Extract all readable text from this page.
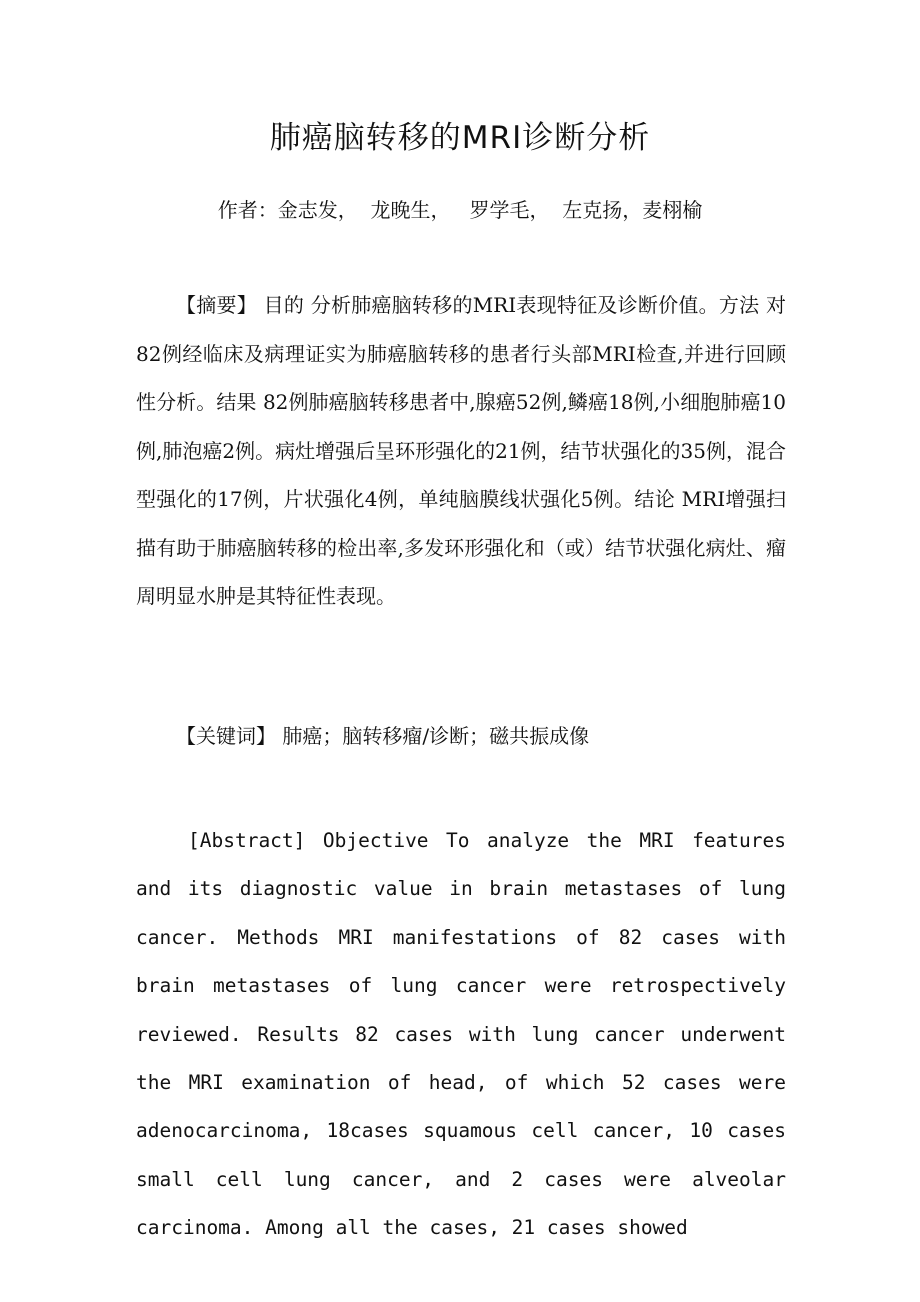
肺癌脑转移的MRI诊断分析
作者：金志发，  龙晚生，   罗学毛，  左克扬，麦栩榆
【摘要】 目的 分析肺癌脑转移的MRI表现特征及诊断价值。方法 对82例经临床及病理证实为肺癌脑转移的患者行头部MRI检查,并进行回顾性分析。结果 82例肺癌脑转移患者中,腺癌52例,鳞癌18例,小细胞肺癌10例,肺泡癌2例。病灶增强后呈环形强化的21例，结节状强化的35例，混合型强化的17例，片状强化4例，单纯脑膜线状强化5例。结论 MRI增强扫描有助于肺癌脑转移的检出率,多发环形强化和（或）结节状强化病灶、瘤周明显水肿是其特征性表现。
【关键词】 肺癌；脑转移瘤/诊断；磁共振成像
[Abstract] Objective To analyze the MRI features and its diagnostic value in brain metastases of lung cancer. Methods MRI manifestations of 82 cases with brain metastases of lung cancer were retrospectively reviewed. Results 82 cases with lung cancer underwent the MRI examination of head, of which 52 cases were adenocarcinoma, 18cases squamous cell cancer, 10 cases small cell lung cancer, and 2 cases were alveolar carcinoma. Among all the cases, 21 cases showed
